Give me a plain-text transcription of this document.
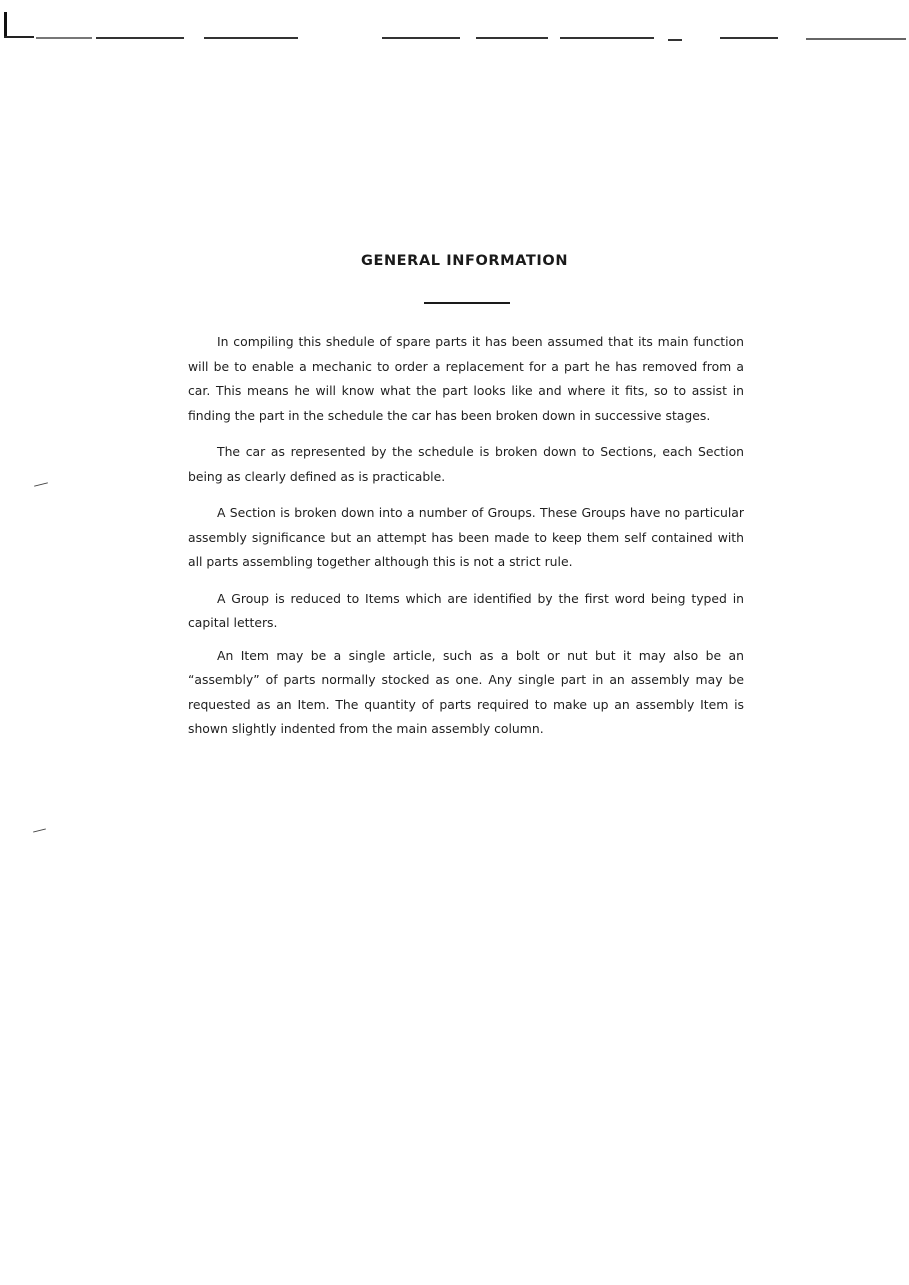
GENERAL INFORMATION

In compiling this shedule of spare parts it has been assumed that its main function will be to enable a mechanic to order a replacement for a part he has removed from a car. This means he will know what the part looks like and where it fits, so to assist in finding the part in the schedule the car has been broken down in successive stages.

The car as represented by the schedule is broken down to Sections, each Section being as clearly defined as is practicable.

A Section is broken down into a number of Groups. These Groups have no particular assembly significance but an attempt has been made to keep them self contained with all parts assembling together although this is not a strict rule.

A Group is reduced to Items which are identified by the first word being typed in capital letters.

An Item may be a single article, such as a bolt or nut but it may also be an “assembly” of parts normally stocked as one. Any single part in an assembly may be requested as an Item. The quantity of parts required to make up an assembly Item is shown slightly indented from the main assembly column.
